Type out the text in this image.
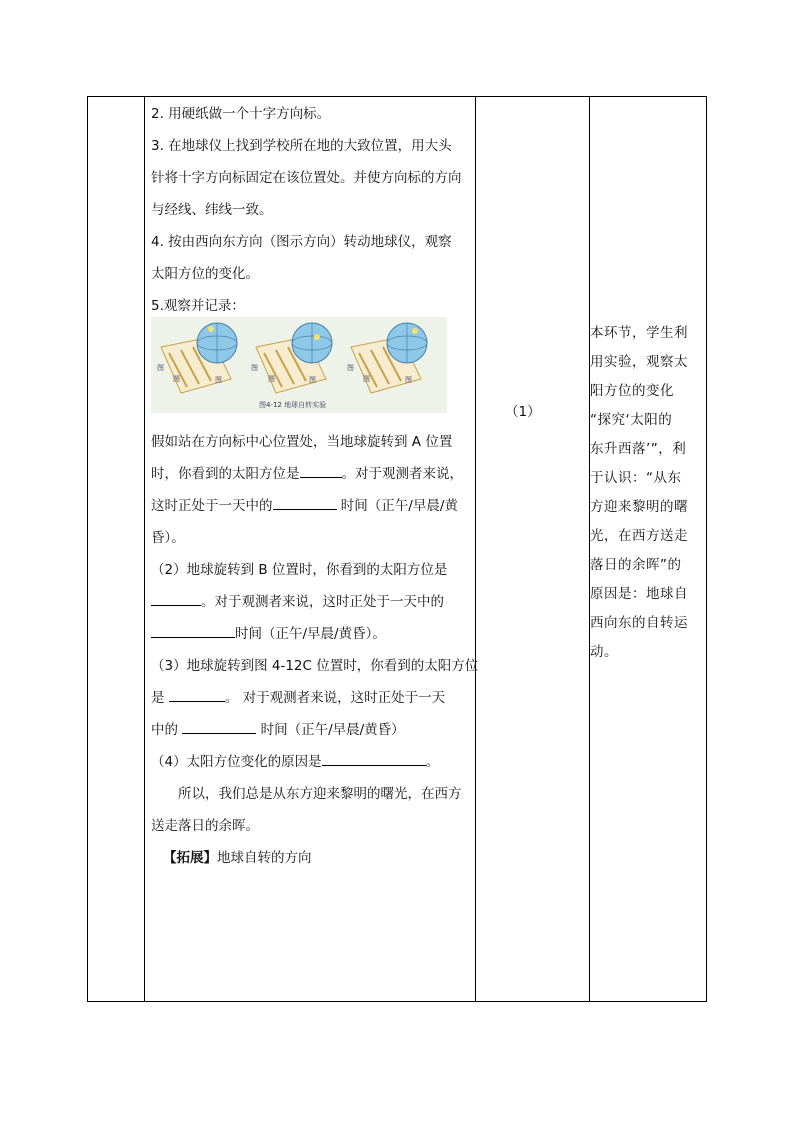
2. 用硬纸做一个十字方向标。

3. 在地球仪上找到学校所在地的大致位置，用大头

针将十字方向标固定在该位置处。并使方向标的方向

与经线、纬线一致。

4. 按由西向东方向（图示方向）转动地球仪，观察

太阳方位的变化。

5.观察并记录：

图
图	图
图
图	图
图
图	图
图4-12 地球自转实验	（1）

假如站在方向标中心位置处，当地球旋转到 A 位置

时，你看到的太阳方位是	。对于观测者来说，

这时正处于一天中的	时间（正午/早晨/黄

昏）。

（2）地球旋转到 B 位置时，你看到的太阳方位是

。对于观测者来说，这时正处于一天中的

时间（正午/早晨/黄昏）。

（3）地球旋转到图 4-12C 位置时，你看到的太阳方位

是	。 对于观测者来说，这时正处于一天

中的	时间（正午/早晨/黄昏）

（4）太阳方位变化的原因是	。

所以，我们总是从东方迎来黎明的曙光，在西方

送走落日的余晖。

【拓展】地球自转的方向

本环节，学生利

用实验，观察太

阳方位的变化

“探究‘太阳的

东升西落’”，利

于认识：“从东

方迎来黎明的曙

光，在西方送走

落日的余晖”的

原因是：地球自

西向东的自转运

动。
